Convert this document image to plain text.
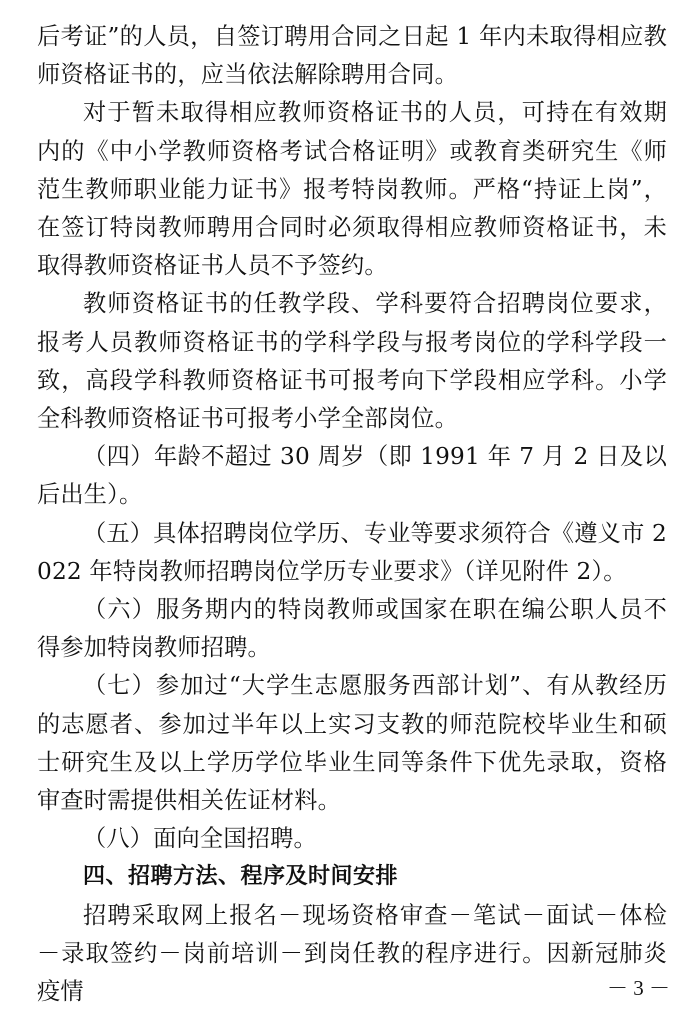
后考证”的人员，自签订聘用合同之日起 1 年内未取得相应教师资格证书的，应当依法解除聘用合同。

对于暂未取得相应教师资格证书的人员，可持在有效期内的《中小学教师资格考试合格证明》或教育类研究生《师范生教师职业能力证书》报考特岗教师。严格“持证上岗”，在签订特岗教师聘用合同时必须取得相应教师资格证书，未取得教师资格证书人员不予签约。

教师资格证书的任教学段、学科要符合招聘岗位要求，报考人员教师资格证书的学科学段与报考岗位的学科学段一致，高段学科教师资格证书可报考向下学段相应学科。小学全科教师资格证书可报考小学全部岗位。

（四）年龄不超过 30 周岁（即 1991 年 7 月 2 日及以后出生）。

（五）具体招聘岗位学历、专业等要求须符合《遵义市 2022 年特岗教师招聘岗位学历专业要求》（详见附件 2）。

（六）服务期内的特岗教师或国家在职在编公职人员不得参加特岗教师招聘。

（七）参加过“大学生志愿服务西部计划”、有从教经历的志愿者、参加过半年以上实习支教的师范院校毕业生和硕士研究生及以上学历学位毕业生同等条件下优先录取，资格审查时需提供相关佐证材料。

（八）面向全国招聘。

四、招聘方法、程序及时间安排

招聘采取网上报名－现场资格审查－笔试－面试－体检－录取签约－岗前培训－到岗任教的程序进行。因新冠肺炎疫情	－ 3 －
